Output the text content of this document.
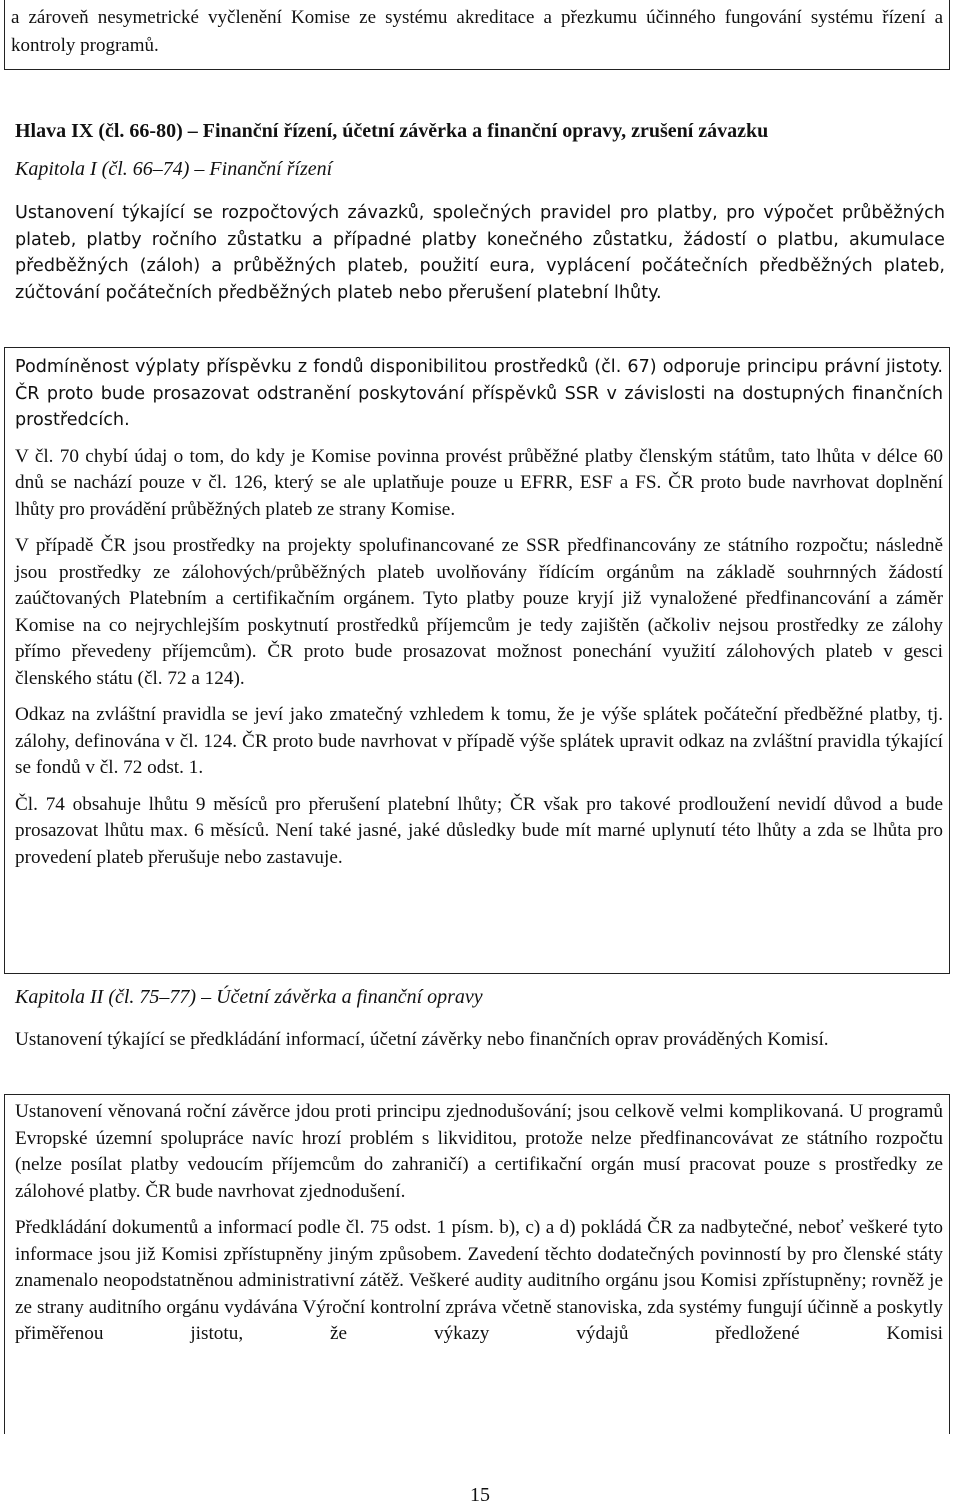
a zároveň nesymetrické vyčlenění Komise ze systému akreditace a přezkumu účinného fungování systému řízení a kontroly programů.

Hlava IX (čl. 66-80) – Finanční řízení, účetní závěrka a finanční opravy, zrušení závazku
Kapitola I (čl. 66–74) – Finanční řízení

Ustanovení týkající se rozpočtových závazků, společných pravidel pro platby, pro výpočet průběžných plateb, platby ročního zůstatku a případné platby konečného zůstatku, žádostí o platbu, akumulace předběžných (záloh) a průběžných plateb, použití eura, vyplácení počátečních předběžných plateb, zúčtování počátečních předběžných plateb nebo přerušení platební lhůty.

Podmíněnost výplaty příspěvku z fondů disponibilitou prostředků (čl. 67) odporuje principu právní jistoty. ČR proto bude prosazovat odstranění poskytování příspěvků SSR v závislosti na dostupných finančních prostředcích.

V čl. 70 chybí údaj o tom, do kdy je Komise povinna provést průběžné platby členským státům, tato lhůta v délce 60 dnů se nachází pouze v čl. 126, který se ale uplatňuje pouze u EFRR, ESF a FS. ČR proto bude navrhovat doplnění lhůty pro provádění průběžných plateb ze strany Komise.

V případě ČR jsou prostředky na projekty spolufinancované ze SSR předfinancovány ze státního rozpočtu; následně jsou prostředky ze zálohových/průběžných plateb uvolňovány řídícím orgánům na základě souhrnných žádostí zaúčtovaných Platebním a certifikačním orgánem. Tyto platby pouze kryjí již vynaložené předfinancování a záměr Komise na co nejrychlejším poskytnutí prostředků příjemcům je tedy zajištěn (ačkoliv nejsou prostředky ze zálohy přímo převedeny příjemcům). ČR proto bude prosazovat možnost ponechání využití zálohových plateb v gesci členského státu (čl. 72 a 124).

Odkaz na zvláštní pravidla se jeví jako zmatečný vzhledem k tomu, že je výše splátek počáteční předběžné platby, tj. zálohy, definována v čl. 124. ČR proto bude navrhovat v případě výše splátek upravit odkaz na zvláštní pravidla týkající se fondů v čl. 72 odst. 1.

Čl. 74 obsahuje lhůtu 9 měsíců pro přerušení platební lhůty; ČR však pro takové prodloužení nevidí důvod a bude prosazovat lhůtu max. 6 měsíců. Není také jasné, jaké důsledky bude mít marné uplynutí této lhůty a zda se lhůta pro provedení plateb přerušuje nebo zastavuje.

Kapitola II (čl. 75–77) – Účetní závěrka a finanční opravy

Ustanovení týkající se předkládání informací, účetní závěrky nebo finančních oprav prováděných Komisí.

Ustanovení věnovaná roční závěrce jdou proti principu zjednodušování; jsou celkově velmi komplikovaná. U programů Evropské územní spolupráce navíc hrozí problém s likviditou, protože nelze předfinancovávat ze státního rozpočtu (nelze posílat platby vedoucím příjemcům do zahraničí) a certifikační orgán musí pracovat pouze s prostředky ze zálohové platby. ČR bude navrhovat zjednodušení.

Předkládání dokumentů a informací podle čl. 75 odst. 1 písm. b), c) a d) pokládá ČR za nadbytečné, neboť veškeré tyto informace jsou již Komisi zpřístupněny jiným způsobem. Zavedení těchto dodatečných povinností by pro členské státy znamenalo neopodstatněnou administrativní zátěž. Veškeré audity auditního orgánu jsou Komisi zpřístupněny; rovněž je ze strany auditního orgánu vydávána Výroční kontrolní zpráva včetně stanoviska, zda systémy fungují účinně a poskytly přiměřenou jistotu, že výkazy výdajů předložené Komisi

15
